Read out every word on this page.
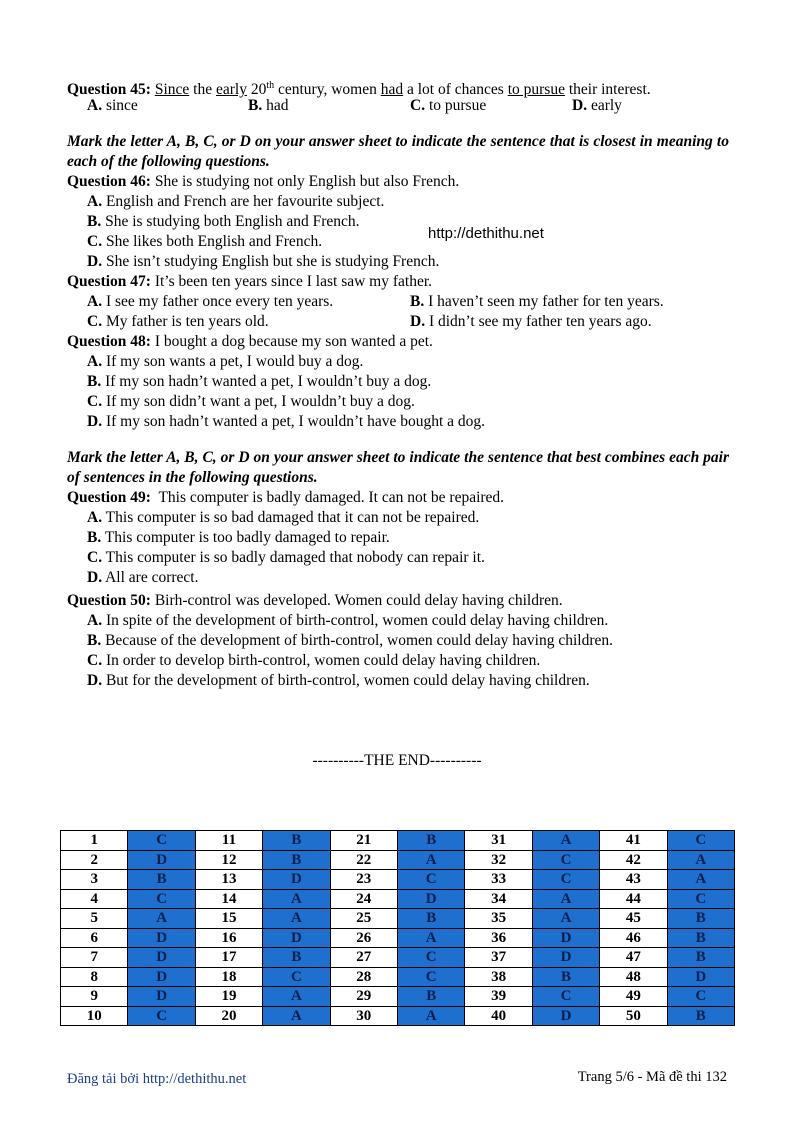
Question 45: Since the early 20th century, women had a lot of chances to pursue their interest.
A. since	B. had	C. to pursue	D. early
Mark the letter A, B, C, or D on your answer sheet to indicate the sentence that is closest in meaning to each of the following questions.
Question 46: She is studying not only English but also French.
A. English and French are her favourite subject.
B. She is studying both English and French.
C. She likes both English and French.
D. She isn’t studying English but she is studying French.
Question 47: It’s been ten years since I last saw my father.
A. I see my father once every ten years.	B. I haven’t seen my father for ten years.
C. My father is ten years old.	D. I didn’t see my father ten years ago.
Question 48: I bought a dog because my son wanted a pet.
A. If my son wants a pet, I would buy a dog.
B. If my son hadn’t wanted a pet, I wouldn’t buy a dog.
C. If my son didn’t want a pet, I wouldn’t buy a dog.
D. If my son hadn’t wanted a pet, I wouldn’t have bought a dog.
Mark the letter A, B, C, or D on your answer sheet to indicate the sentence that best combines each pair of sentences in the following questions.
Question 49:  This computer is badly damaged. It can not be repaired.
A. This computer is so bad damaged that it can not be repaired.
B. This computer is too badly damaged to repair.
C. This computer is so badly damaged that nobody can repair it.
D. All are correct.
Question 50: Birh-control was developed. Women could delay having children.
A. In spite of the development of birth-control, women could delay having children.
B. Because of the development of birth-control, women could delay having children.
C. In order to develop birth-control, women could delay having children.
D. But for the development of birth-control, women could delay having children.
http://dethithu.net
----------THE END----------
1	C	11	B	21	B	31	A	41	C
2	D	12	B	22	A	32	C	42	A
3	B	13	D	23	C	33	C	43	A
4	C	14	A	24	D	34	A	44	C
5	A	15	A	25	B	35	A	45	B
6	D	16	D	26	A	36	D	46	B
7	D	17	B	27	C	37	D	47	B
8	D	18	C	28	C	38	B	48	D
9	D	19	A	29	B	39	C	49	C
10	C	20	A	30	A	40	D	50	B
Đăng tải bởi http://dethithu.net	Trang 5/6 - Mã đề thi 132
